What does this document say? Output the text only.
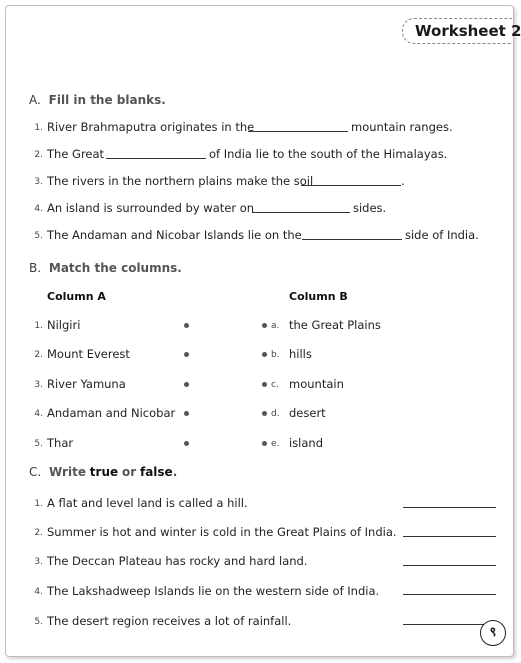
Worksheet 2
A. Fill in the blanks.
1. River Brahmaputra originates in the	mountain ranges.
2. The Great	of India lie to the south of the Himalayas.
3. The rivers in the northern plains make the soil	.
4. An island is surrounded by water on	sides.
5. The Andaman and Nicobar Islands lie on the	side of India.
B. Match the columns.
Column A	Column B
1. Nilgiri	a. the Great Plains
2. Mount Everest	b. hills
3. River Yamuna	c. mountain
4. Andaman and Nicobar	d. desert
5. Thar	e. island
C. Write true or false.
1. A flat and level land is called a hill.
2. Summer is hot and winter is cold in the Great Plains of India.
3. The Deccan Plateau has rocky and hard land.
4. The Lakshadweep Islands lie on the western side of India.
5. The desert region receives a lot of rainfall.
९
